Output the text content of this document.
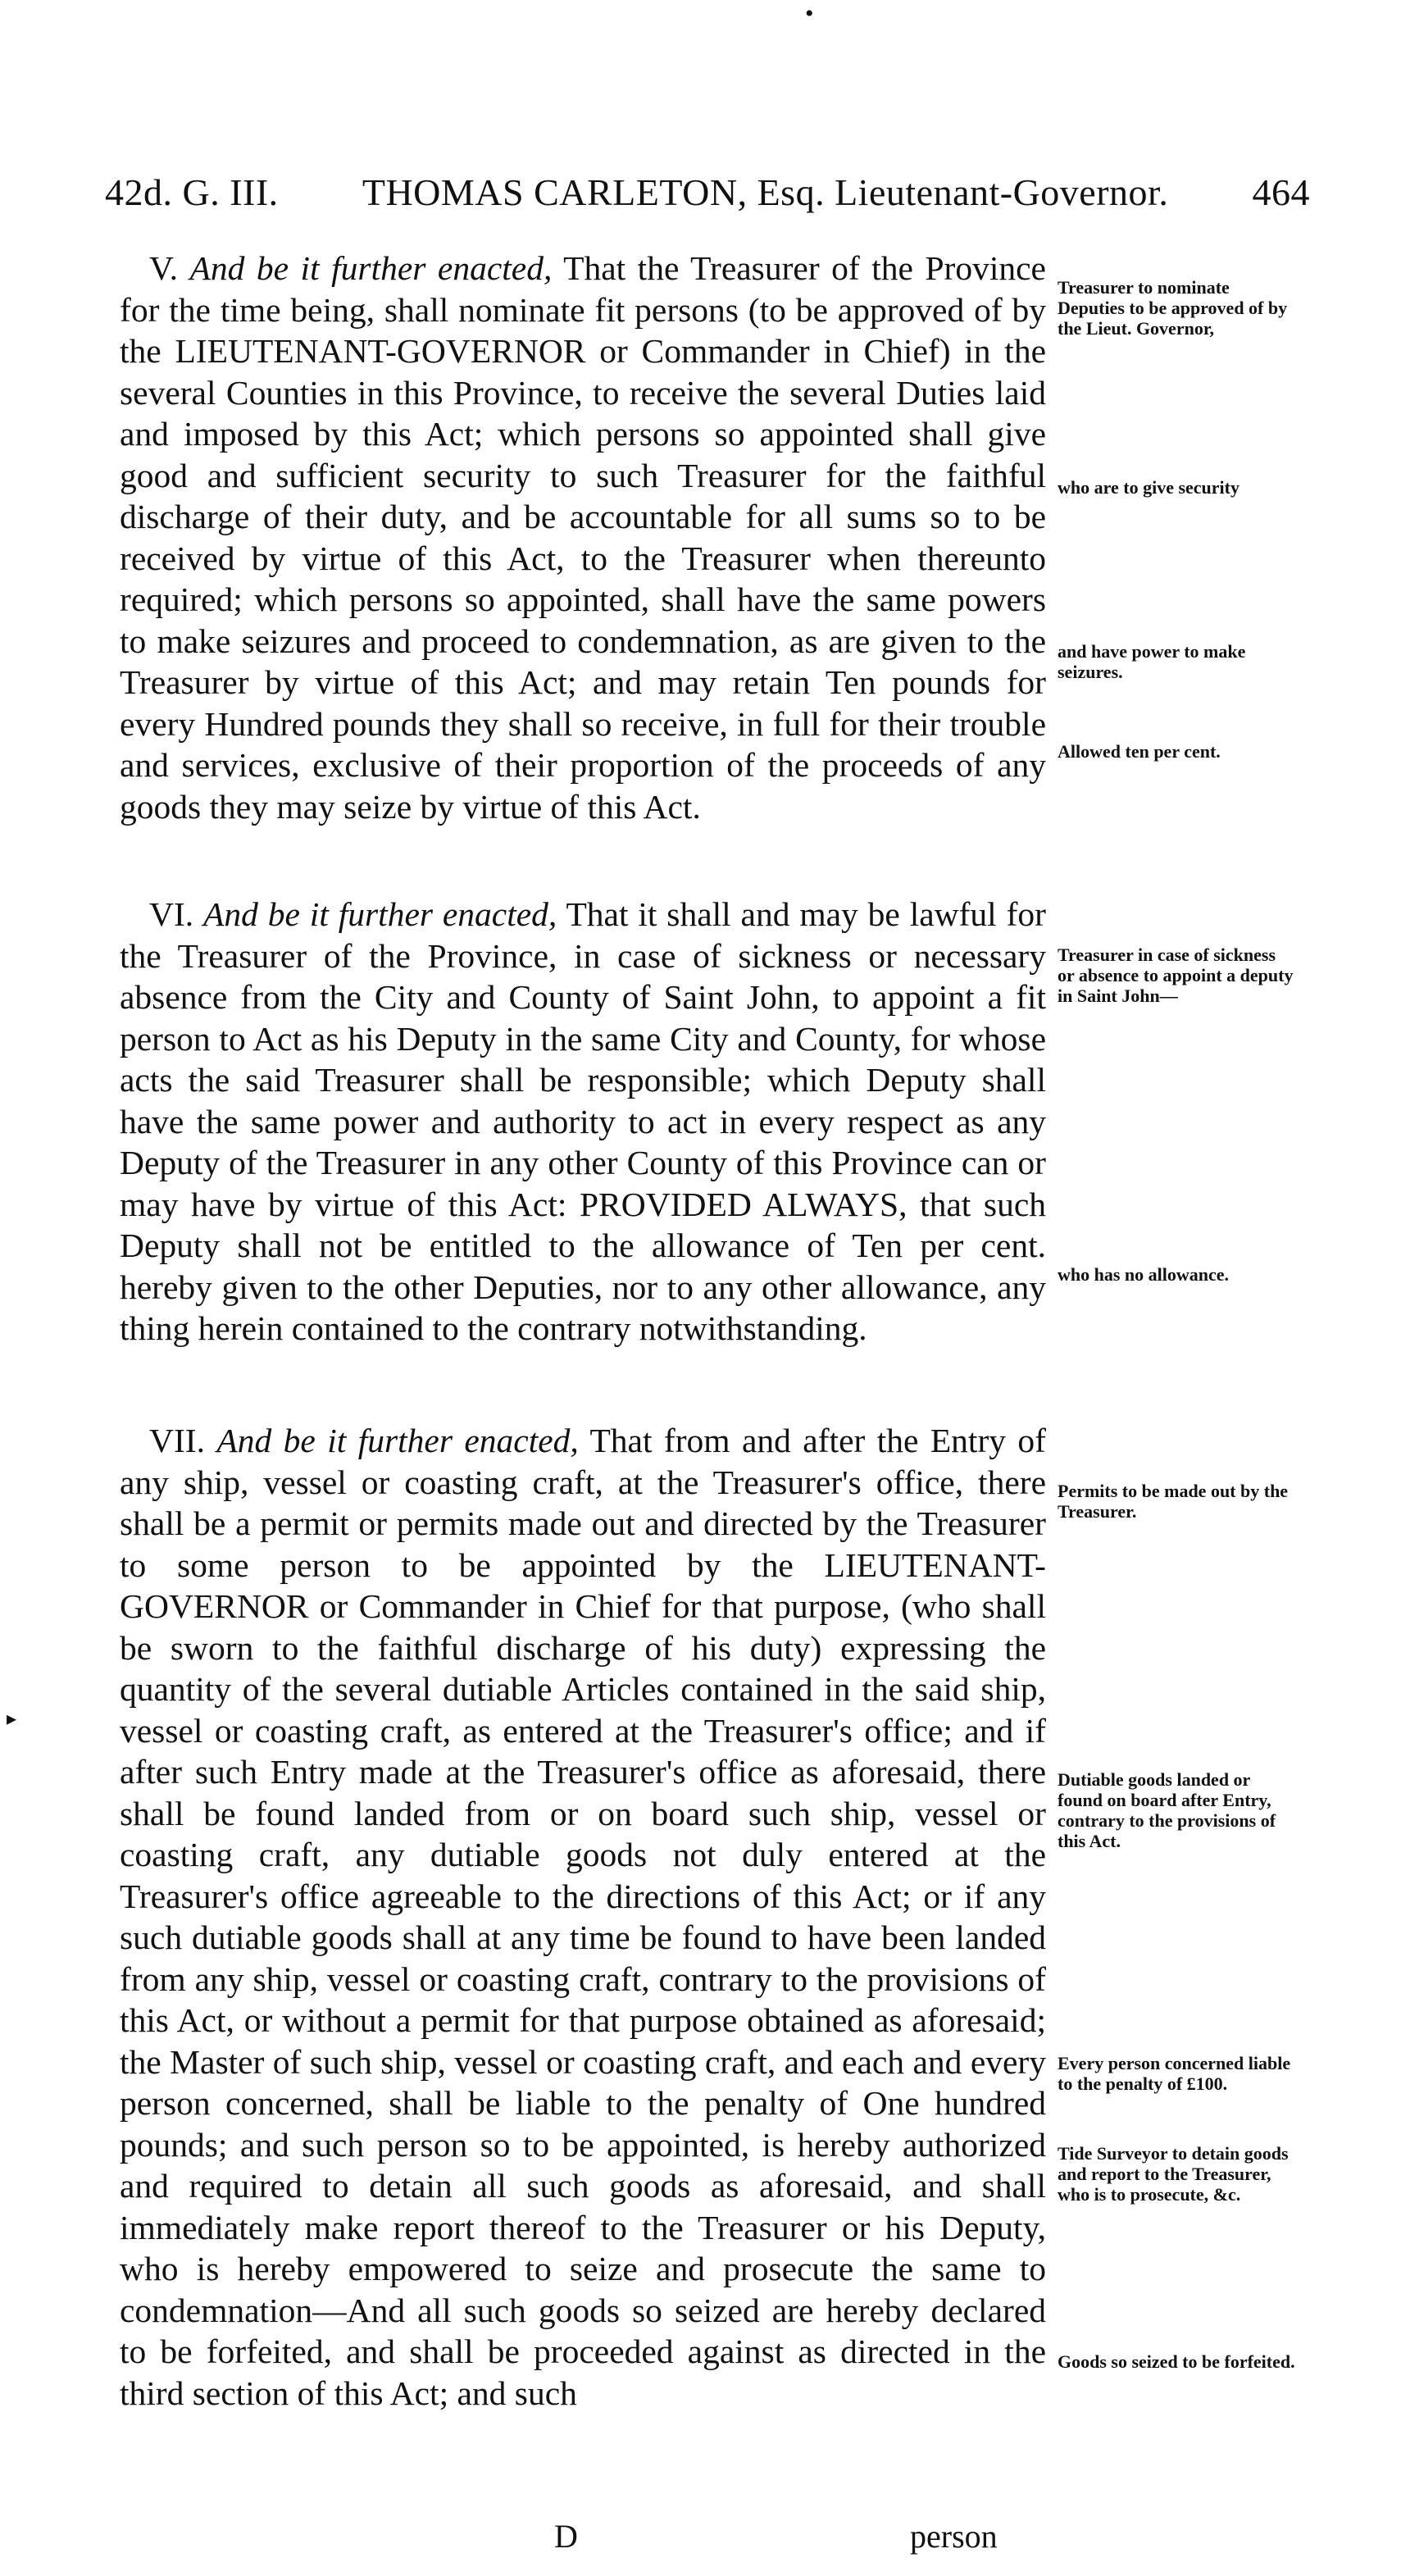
•
▸
42d. G. III.	THOMAS CARLETON, Esq. Lieutenant-Governor.	464
V. And be it further enacted, That the Treasurer of the Province for the time being, shall nominate fit persons (to be approved of by the LIEUTENANT-GOVERNOR or Commander in Chief) in the several Counties in this Province, to receive the several Duties laid and imposed by this Act; which persons so appointed shall give good and sufficient security to such Treasurer for the faithful discharge of their duty, and be accountable for all sums so to be received by virtue of this Act, to the Treasurer when thereunto required; which persons so appointed, shall have the same powers to make seizures and proceed to condemnation, as are given to the Treasurer by virtue of this Act; and may retain Ten pounds for every Hundred pounds they shall so receive, in full for their trouble and services, exclusive of their proportion of the proceeds of any goods they may seize by virtue of this Act.
VI. And be it further enacted, That it shall and may be lawful for the Treasurer of the Province, in case of sickness or necessary absence from the City and County of Saint John, to appoint a fit person to Act as his Deputy in the same City and County, for whose acts the said Treasurer shall be responsible; which Deputy shall have the same power and authority to act in every respect as any Deputy of the Treasurer in any other County of this Province can or may have by virtue of this Act: PROVIDED ALWAYS, that such Deputy shall not be entitled to the allowance of Ten per cent. hereby given to the other Deputies, nor to any other allowance, any thing herein contained to the contrary notwithstanding.
VII. And be it further enacted, That from and after the Entry of any ship, vessel or coasting craft, at the Treasurer's office, there shall be a permit or permits made out and directed by the Treasurer to some person to be appointed by the LIEUTENANT-GOVERNOR or Commander in Chief for that purpose, (who shall be sworn to the faithful discharge of his duty) expressing the quantity of the several dutiable Articles contained in the said ship, vessel or coasting craft, as entered at the Treasurer's office; and if after such Entry made at the Treasurer's office as aforesaid, there shall be found landed from or on board such ship, vessel or coasting craft, any dutiable goods not duly entered at the Treasurer's office agreeable to the directions of this Act; or if any such dutiable goods shall at any time be found to have been landed from any ship, vessel or coasting craft, contrary to the provisions of this Act, or without a permit for that purpose obtained as aforesaid; the Master of such ship, vessel or coasting craft, and each and every person concerned, shall be liable to the penalty of One hundred pounds; and such person so to be appointed, is hereby authorized and required to detain all such goods as aforesaid, and shall immediately make report thereof to the Treasurer or his Deputy, who is hereby empowered to seize and prosecute the same to condemnation—And all such goods so seized are hereby declared to be forfeited, and shall be proceeded against as directed in the third section of this Act; and such
Treasurer to nominate Deputies to be approved of by the Lieut. Governor,
who are to give security
and have power to make seizures.
Allowed ten per cent.
Treasurer in case of sickness or absence to appoint a deputy in Saint John—
who has no allowance.
Permits to be made out by the Treasurer.
Dutiable goods landed or found on board after Entry, contrary to the provisions of this Act.
Every person concerned liable to the penalty of £100.
Tide Surveyor to detain goods and report to the Treasurer, who is to prosecute, &c.
Goods so seized to be forfeited.
D	person
